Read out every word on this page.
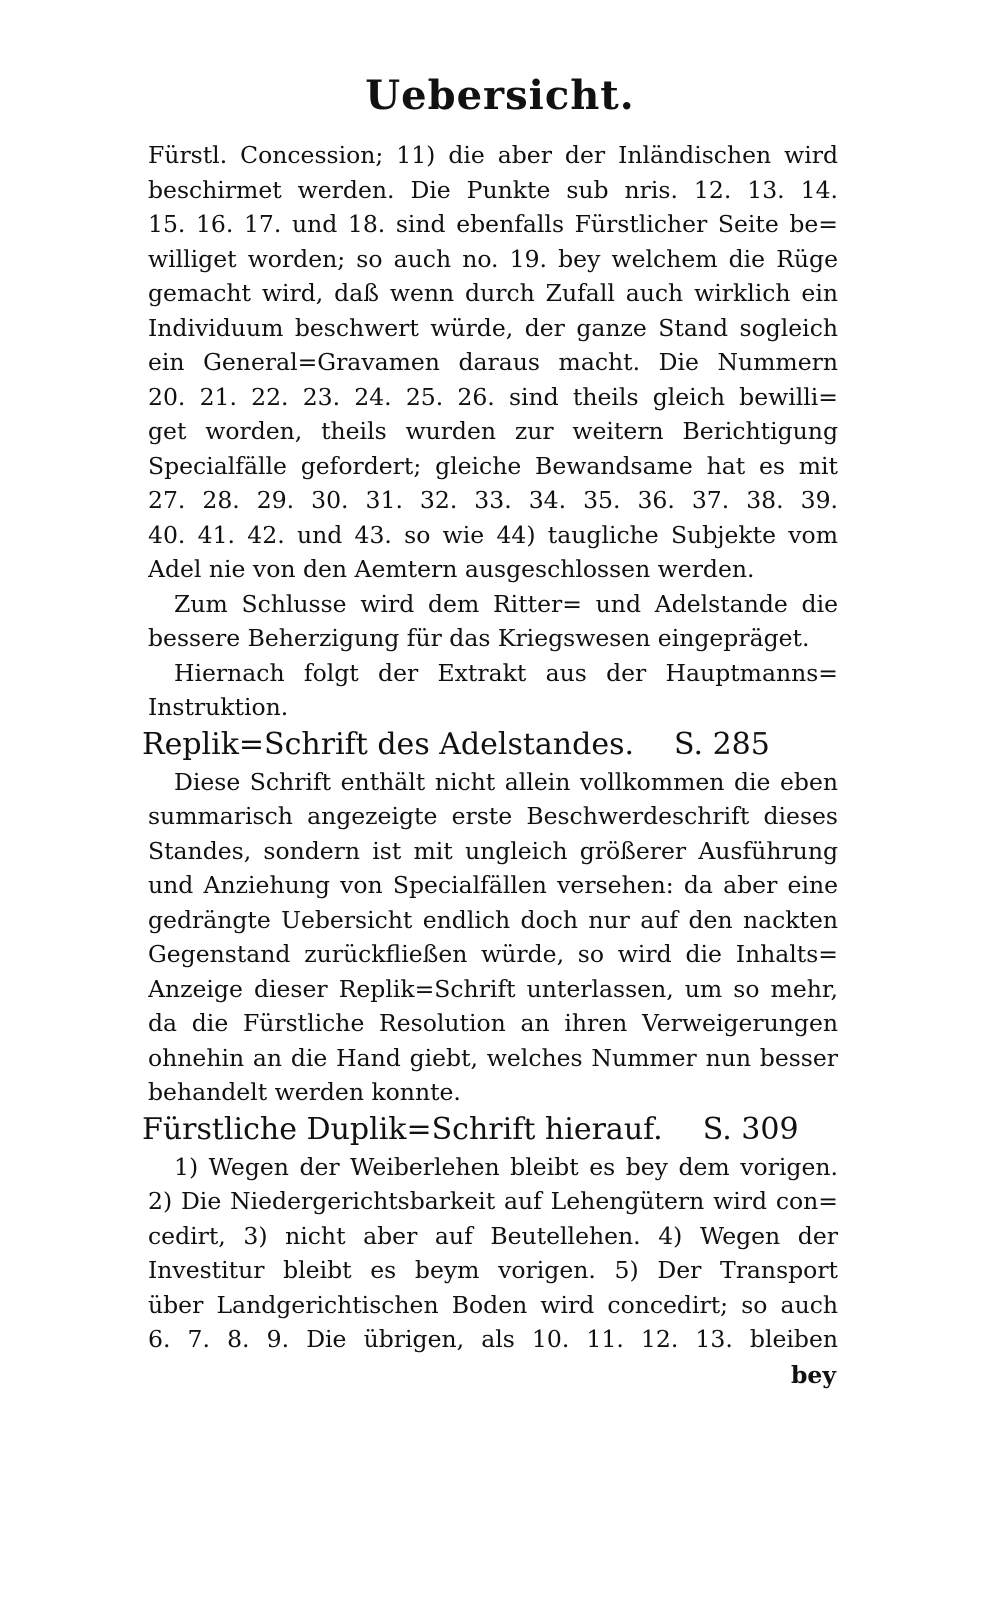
Uebersicht.
Fürstl. Concession; 11) die aber der Inländischen wird
beschirmet werden. Die Punkte sub nris. 12. 13. 14.
15. 16. 17. und 18. sind ebenfalls Fürstlicher Seite be=
williget worden; so auch no. 19. bey welchem die Rüge
gemacht wird, daß wenn durch Zufall auch wirklich ein
Individuum beschwert würde, der ganze Stand sogleich
ein General=Gravamen daraus macht. Die Nummern
20. 21. 22. 23. 24. 25. 26. sind theils gleich bewilli=
get worden, theils wurden zur weitern Berichtigung
Specialfälle gefordert; gleiche Bewandsame hat es mit
27. 28. 29. 30. 31. 32. 33. 34. 35. 36. 37. 38. 39.
40. 41. 42. und 43. so wie 44) taugliche Subjekte vom
Adel nie von den Aemtern ausgeschlossen werden.
Zum Schlusse wird dem Ritter= und Adelstande die
bessere Beherzigung für das Kriegswesen eingepräget.
Hiernach folgt der Extrakt aus der Hauptmanns=
Instruktion.
Replik=Schrift des Adelstandes. S. 285
Diese Schrift enthält nicht allein vollkommen die eben
summarisch angezeigte erste Beschwerdeschrift dieses
Standes, sondern ist mit ungleich größerer Ausführung
und Anziehung von Specialfällen versehen: da aber eine
gedrängte Uebersicht endlich doch nur auf den nackten
Gegenstand zurückfließen würde, so wird die Inhalts=
Anzeige dieser Replik=Schrift unterlassen, um so mehr,
da die Fürstliche Resolution an ihren Verweigerungen
ohnehin an die Hand giebt, welches Nummer nun besser
behandelt werden konnte.
Fürstliche Duplik=Schrift hierauf. S. 309
1) Wegen der Weiberlehen bleibt es bey dem vorigen.
2) Die Niedergerichtsbarkeit auf Lehengütern wird con=
cedirt, 3) nicht aber auf Beutellehen. 4) Wegen der
Investitur bleibt es beym vorigen. 5) Der Transport
über Landgerichtischen Boden wird concedirt; so auch
6. 7. 8. 9. Die übrigen, als 10. 11. 12. 13. bleiben
bey
